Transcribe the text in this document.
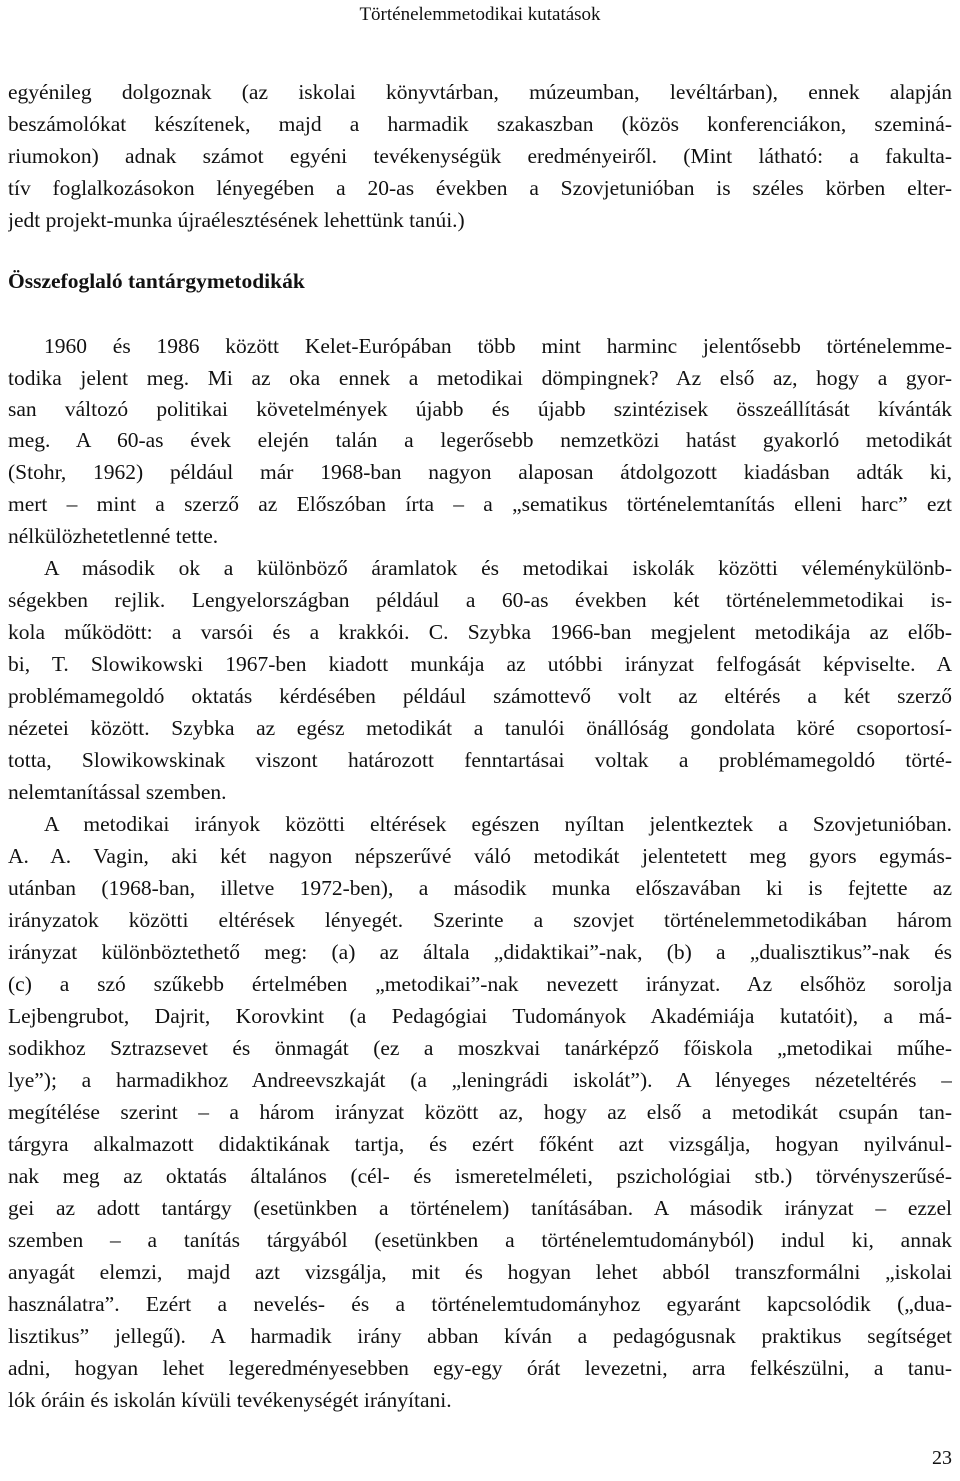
Történelemmetodikai kutatások
egyénileg dolgoznak (az iskolai könyvtárban, múzeumban, levéltárban), ennek alapján
beszámolókat készítenek, majd a harmadik szakaszban (közös konferenciákon, szeminá-
riumokon) adnak számot egyéni tevékenységük eredményeiről. (Mint látható: a fakulta-
tív foglalkozásokon lényegében a 20-as években a Szovjetunióban is széles körben elter-
jedt projekt-munka újraélesztésének lehettünk tanúi.)
Összefoglaló tantárgymetodikák
1960 és 1986 között Kelet-Európában több mint harminc jelentősebb történelemme-
todika jelent meg. Mi az oka ennek a metodikai dömpingnek? Az első az, hogy a gyor-
san változó politikai követelmények újabb és újabb szintézisek összeállítását kívánták
meg. A 60-as évek elején talán a legerősebb nemzetközi hatást gyakorló metodikát
(Stohr, 1962) például már 1968-ban nagyon alaposan átdolgozott kiadásban adták ki,
mert – mint a szerző az Előszóban írta – a „sematikus történelemtanítás elleni harc” ezt
nélkülözhetetlenné tette.
A második ok a különböző áramlatok és metodikai iskolák közötti véleménykülönb-
ségekben rejlik. Lengyelországban például a 60-as években két történelemmetodikai is-
kola működött: a varsói és a krakkói. C. Szybka 1966-ban megjelent metodikája az előb-
bi, T. Slowikowski 1967-ben kiadott munkája az utóbbi irányzat felfogását képviselte. A
problémamegoldó oktatás kérdésében például számottevő volt az eltérés a két szerző
nézetei között. Szybka az egész metodikát a tanulói önállóság gondolata köré csoportosí-
totta, Slowikowskinak viszont határozott fenntartásai voltak a problémamegoldó törté-
nelemtanítással szemben.
A metodikai irányok közötti eltérések egészen nyíltan jelentkeztek a Szovjetunióban.
A. A. Vagin, aki két nagyon népszerűvé váló metodikát jelentetett meg gyors egymás-
utánban (1968-ban, illetve 1972-ben), a második munka előszavában ki is fejtette az
irányzatok közötti eltérések lényegét. Szerinte a szovjet történelemmetodikában három
irányzat különböztethető meg: (a) az általa „didaktikai”-nak, (b) a „dualisztikus”-nak és
(c) a szó szűkebb értelmében „metodikai”-nak nevezett irányzat. Az elsőhöz sorolja
Lejbengrubot, Dajrit, Korovkint (a Pedagógiai Tudományok Akadémiája kutatóit), a má-
sodikhoz Sztrazsevet és önmagát (ez a moszkvai tanárképző főiskola „metodikai műhe-
lye”); a harmadikhoz Andreevszkaját (a „leningrádi iskolát”). A lényeges nézeteltérés –
megítélése szerint – a három irányzat között az, hogy az első a metodikát csupán tan-
tárgyra alkalmazott didaktikának tartja, és ezért főként azt vizsgálja, hogyan nyilvánul-
nak meg az oktatás általános (cél- és ismeretelméleti, pszichológiai stb.) törvényszerűsé-
gei az adott tantárgy (esetünkben a történelem) tanításában. A második irányzat – ezzel
szemben – a tanítás tárgyából (esetünkben a történelemtudományból) indul ki, annak
anyagát elemzi, majd azt vizsgálja, mit és hogyan lehet abból transzformálni „iskolai
használatra”. Ezért a nevelés- és a történelemtudományhoz egyaránt kapcsolódik („dua-
lisztikus” jellegű). A harmadik irány abban kíván a pedagógusnak praktikus segítséget
adni, hogyan lehet legeredményesebben egy-egy órát levezetni, arra felkészülni, a tanu-
lók óráin és iskolán kívüli tevékenységét irányítani.
23
